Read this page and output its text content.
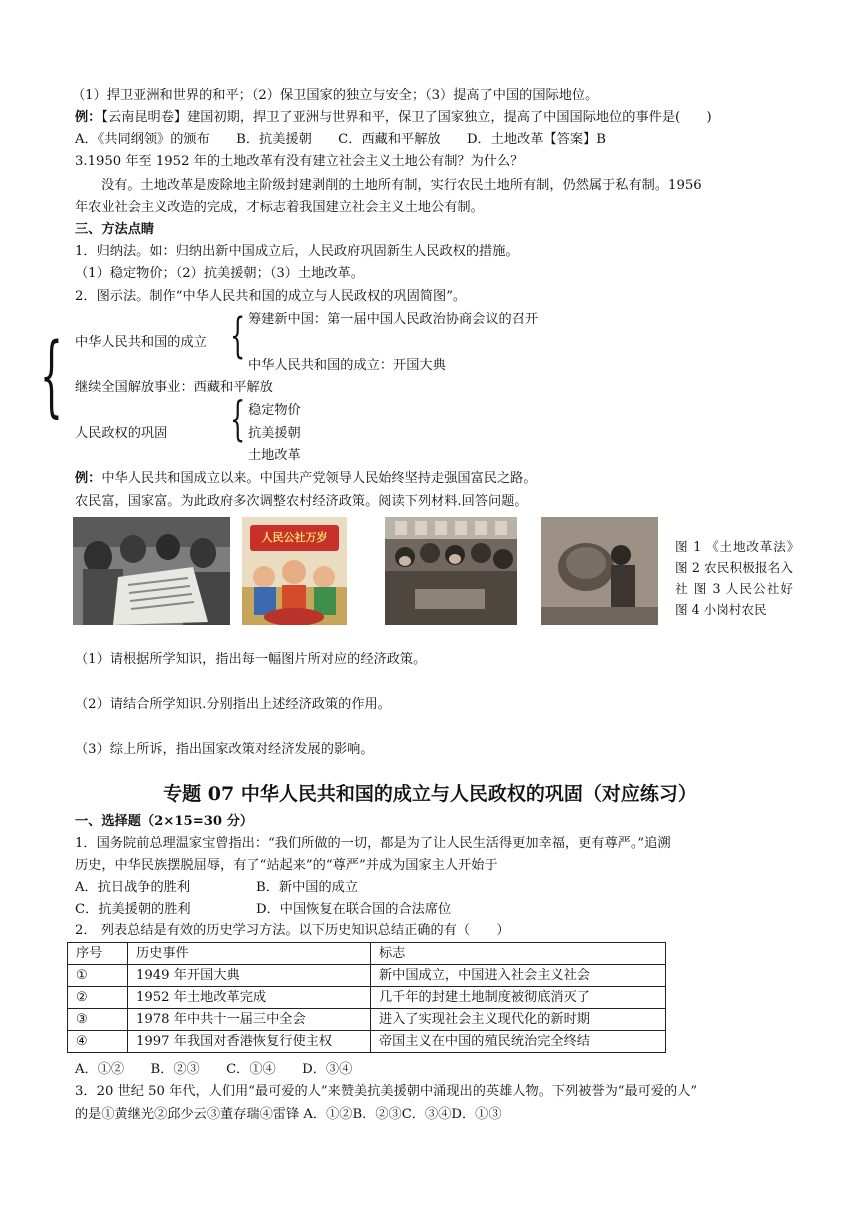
（1）捍卫亚洲和世界的和平；（2）保卫国家的独立与安全；（3）提高了中国的国际地位。
例：【云南昆明卷】建国初期，捍卫了亚洲与世界和平，保卫了国家独立，提高了中国国际地位的事件是(　　)
A．《共同纲领》的颁布　　B．抗美援朝　　C．西藏和平解放　　D．土地改革【答案】B
3.1950 年至 1952 年的土地改革有没有建立社会主义土地公有制？为什么？
没有。土地改革是废除地主阶级封建剥削的土地所有制，实行农民土地所有制，仍然属于私有制。1956
年农业社会主义改造的完成，才标志着我国建立社会主义土地公有制。
三、方法点睛
1．归纳法。如：归纳出新中国成立后，人民政府巩固新生人民政权的措施。
（1）稳定物价；（2）抗美援朝；（3）土地改革。
2．图示法。制作“中华人民共和国的成立与人民政权的巩固简图”。
{	{
{
中华人民共和国的成立
筹建新中国：第一届中国人民政治协商会议的召开
中华人民共和国的成立：开国大典
继续全国解放事业：西藏和平解放
稳定物价
人民政权的巩固	抗美援朝
土地改革
例：中华人民共和国成立以来。中国共产党领导人民始终坚持走强国富民之路。
农民富，国家富。为此政府多次调整农村经济政策。阅读下列材料.回答问题。
人民公社万岁
图 1 《土地改革法》　图 2 农民积极报名入社 图 3 人民公社好 图 4 小岗村农民
（1）请根据所学知识，指出每一幅图片所对应的经济政策。
（2）请结合所学知识.分别指出上述经济政策的作用。
（3）综上所诉，指出国家改策对经济发展的影响。
专题 07 中华人民共和国的成立与人民政权的巩固（对应练习）
一、选择题（2×15=30 分）
1．国务院前总理温家宝曾指出：“我们所做的一切，都是为了让人民生活得更加幸福，更有尊严。”追溯
历史，中华民族摆脱屈辱，有了“站起来”的“尊严”并成为国家主人开始于
A．抗日战争的胜利	B．新中国的成立
C．抗美援朝的胜利	D．中国恢复在联合国的合法席位
2． 列表总结是有效的历史学习方法。以下历史知识总结正确的有（　　）
序号	历史事件	标志
①	1949 年开国大典	新中国成立，中国进入社会主义社会
②	1952 年土地改革完成	几千年的封建土地制度被彻底消灭了
③	1978 年中共十一届三中全会	进入了实现社会主义现代化的新时期
④	1997 年我国对香港恢复行使主权	帝国主义在中国的殖民统治完全终结
A．①②　　B．②③　　C．①④　　D．③④
3．20 世纪 50 年代，人们用“最可爱的人”来赞美抗美援朝中涌现出的英雄人物。下列被誉为“最可爱的人”
的是①黄继光②邱少云③董存瑞④雷锋 A．①②B．②③C．③④D．①③
